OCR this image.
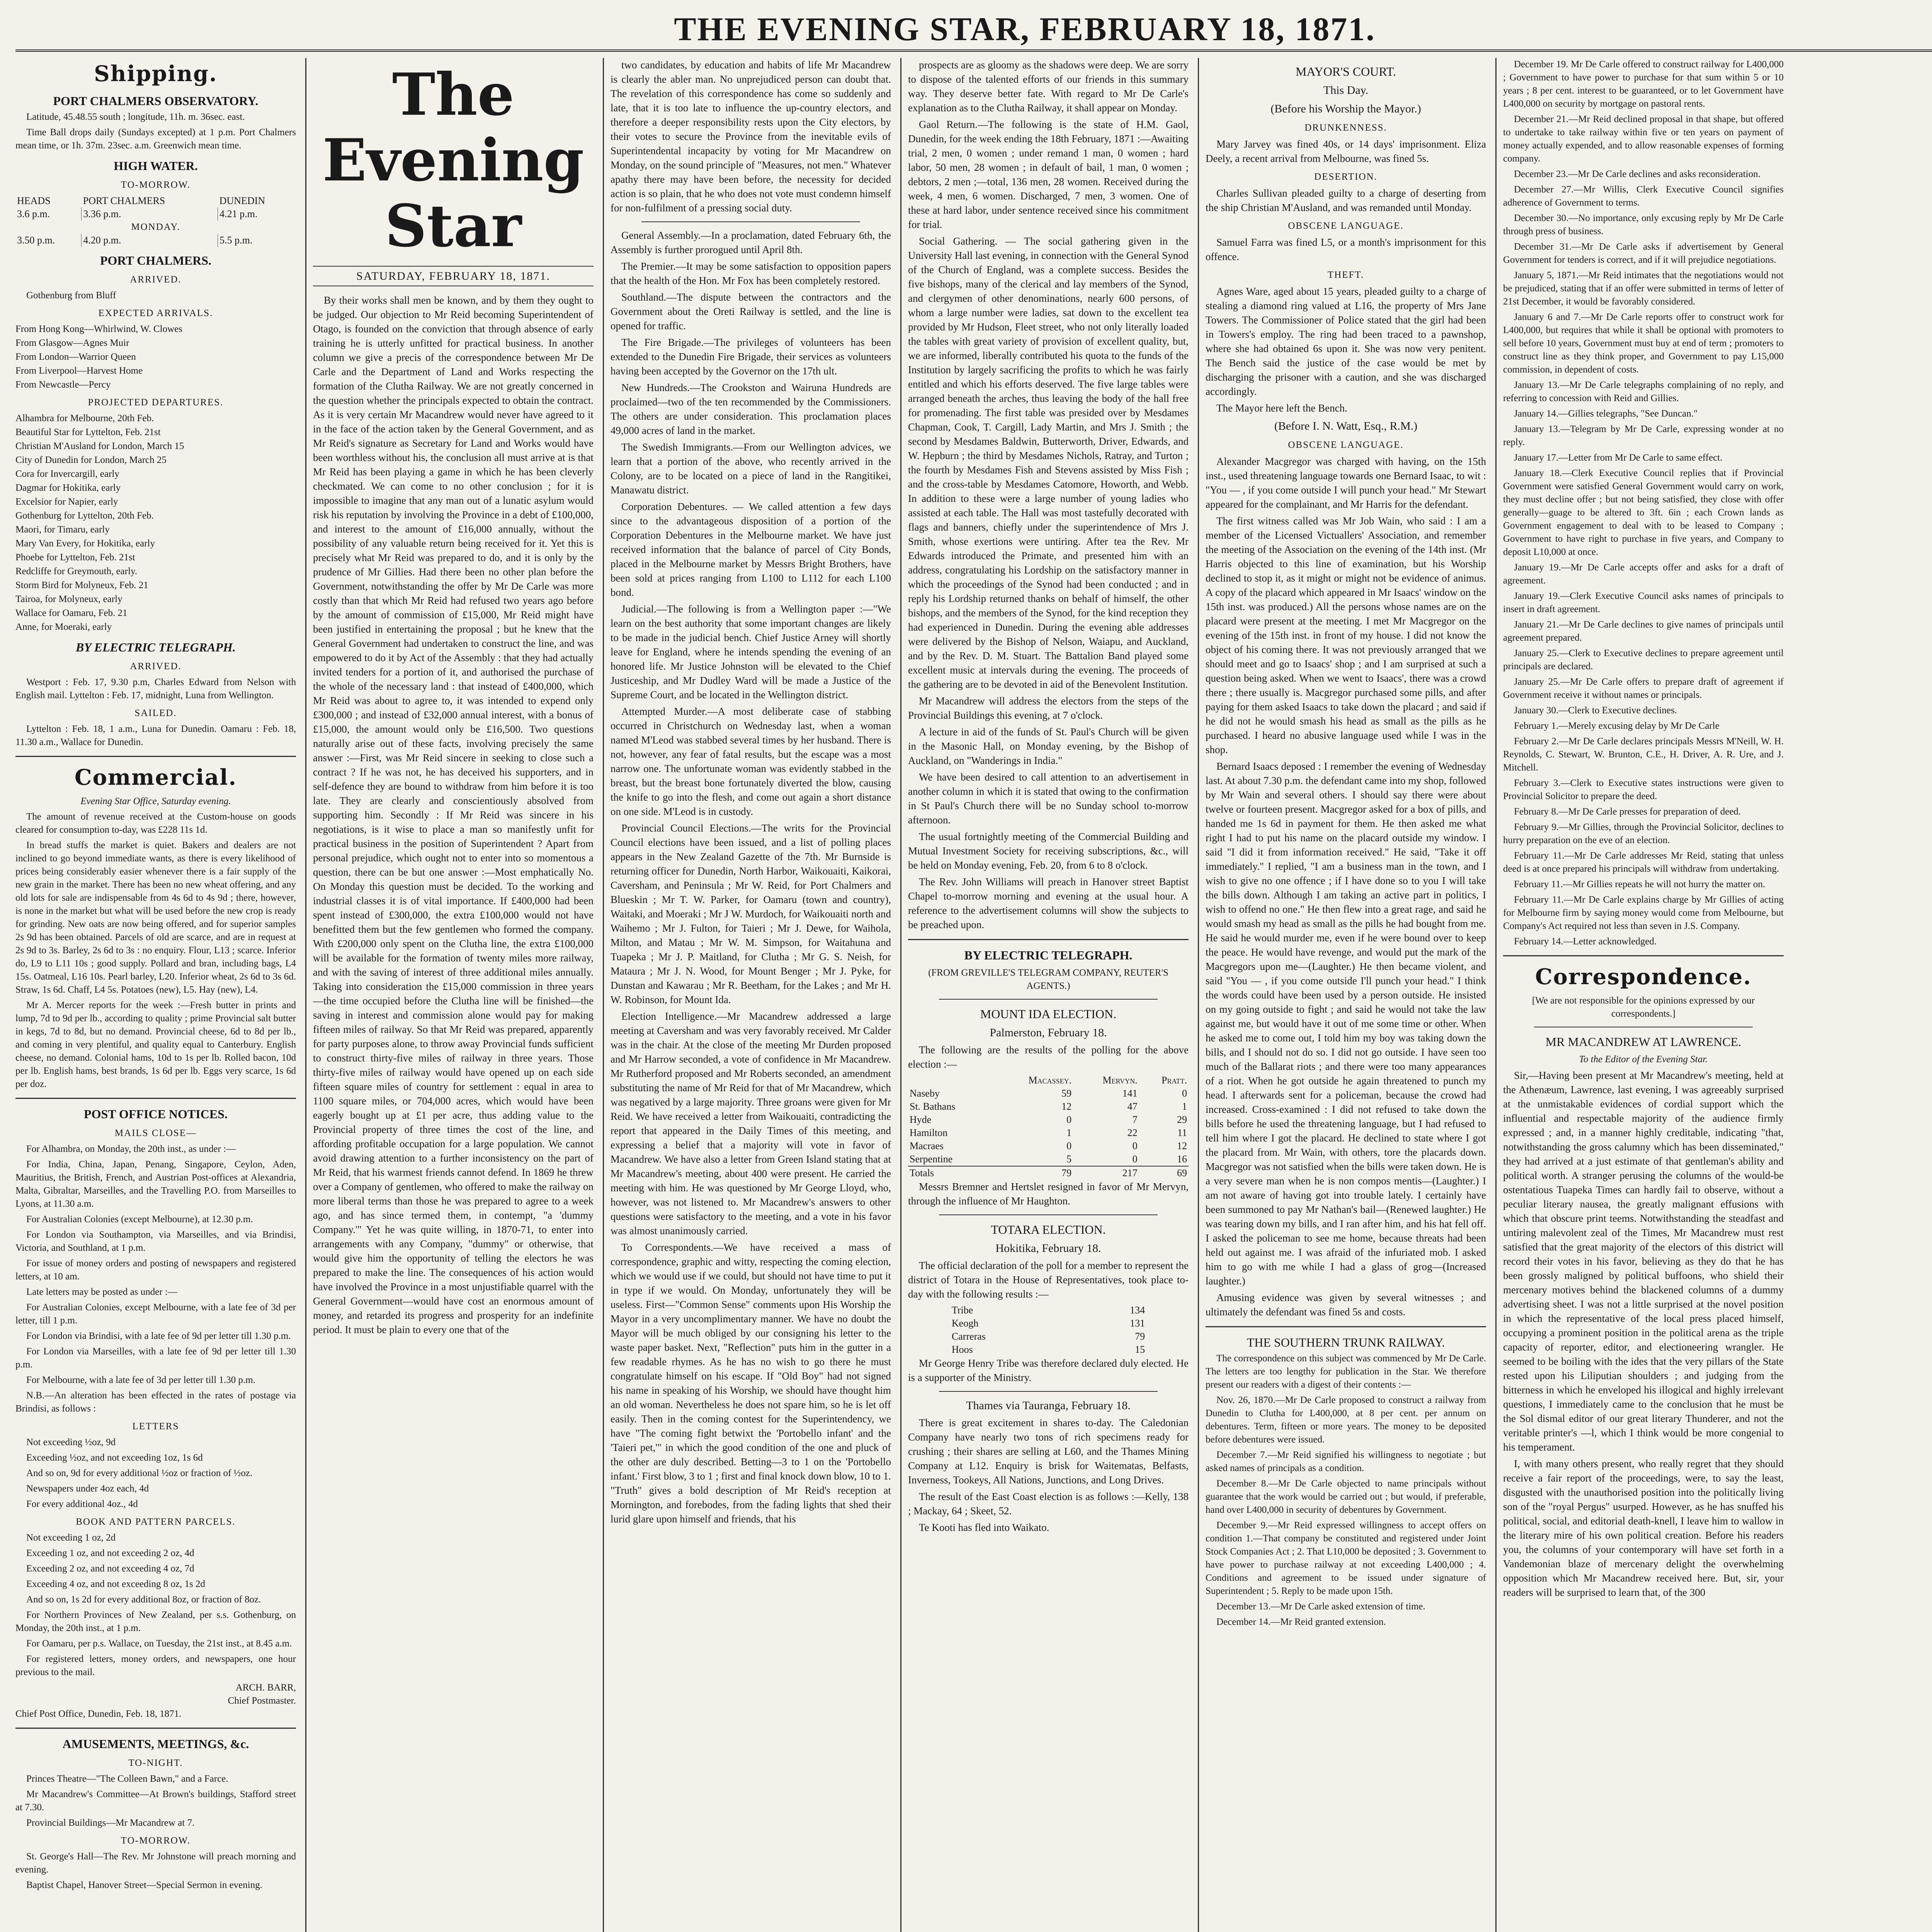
THE EVENING STAR, FEBRUARY 18, 1871.
Shipping.
PORT CHALMERS OBSERVATORY.
Latitude, 45.48.55 south ; longitude, 11h. m. 36sec. east.
Time Ball drops daily (Sundays excepted) at 1 p.m. Port Chalmers mean time, or 1h. 37m. 23sec. a.m. Greenwich mean time.
HIGH WATER.
TO-MORROW.
HEADS	PORT CHALMERS	DUNEDIN
3.6 p.m.	3.36 p.m.	4.21 p.m.
MONDAY.		
3.50 p.m.	4.20 p.m.	5.5 p.m.
PORT CHALMERS.
ARRIVED.
Gothenburg from Bluff
EXPECTED ARRIVALS.
From Hong Kong—Whirlwind, W. Clowes
From Glasgow—Agnes Muir
From London—Warrior Queen
From Liverpool—Harvest Home
From Newcastle—Percy
PROJECTED DEPARTURES.
Alhambra for Melbourne, 20th Feb.
Beautiful Star for Lyttelton, Feb. 21st
Christian M'Ausland for London, March 15
City of Dunedin for London, March 25
Cora for Invercargill, early
Dagmar for Hokitika, early
Excelsior for Napier, early
Gothenburg for Lyttelton, 20th Feb.
Maori, for Timaru, early
Mary Van Every, for Hokitika, early
Phoebe for Lyttelton, Feb. 21st
Redcliffe for Greymouth, early.
Storm Bird for Molyneux, Feb. 21
Tairoa, for Molyneux, early
Wallace for Oamaru, Feb. 21
Anne, for Moeraki, early
BY ELECTRIC TELEGRAPH.
ARRIVED.
Westport : Feb. 17, 9.30 p.m, Charles Edward from Nelson with English mail. Lyttelton : Feb. 17, midnight, Luna from Wellington.
SAILED.
Lyttelton : Feb. 18, 1 a.m., Luna for Dunedin. Oamaru : Feb. 18, 11.30 a.m., Wallace for Dunedin.
Commercial.
Evening Star Office, Saturday evening.
The amount of revenue received at the Custom-house on goods cleared for consumption to-day, was £228 11s 1d.
In bread stuffs the market is quiet. Bakers and dealers are not inclined to go beyond immediate wants, as there is every likelihood of prices being considerably easier whenever there is a fair supply of the new grain in the market. There has been no new wheat offering, and any old lots for sale are indispensable from 4s 6d to 4s 9d ; there, however, is none in the market but what will be used before the new crop is ready for grinding. New oats are now being offered, and for superior samples 2s 9d has been obtained. Parcels of old are scarce, and are in request at 2s 9d to 3s. Barley, 2s 6d to 3s : no enquiry. Flour, L13 ; scarce. Inferior do, L9 to L11 10s ; good supply. Pollard and bran, including bags, L4 15s. Oatmeal, L16 10s. Pearl barley, L20. Inferior wheat, 2s 6d to 3s 6d. Straw, 1s 6d. Chaff, L4 5s. Potatoes (new), L5. Hay (new), L4.
Mr A. Mercer reports for the week :—Fresh butter in prints and lump, 7d to 9d per lb., according to quality ; prime Provincial salt butter in kegs, 7d to 8d, but no demand. Provincial cheese, 6d to 8d per lb., and coming in very plentiful, and quality equal to Canterbury. English cheese, no demand. Colonial hams, 10d to 1s per lb. Rolled bacon, 10d per lb. English hams, best brands, 1s 6d per lb. Eggs very scarce, 1s 6d per doz.
POST OFFICE NOTICES.
MAILS CLOSE—
For Alhambra, on Monday, the 20th inst., as under :—
For India, China, Japan, Penang, Singapore, Ceylon, Aden, Mauritius, the British, French, and Austrian Post-offices at Alexandria, Malta, Gibraltar, Marseilles, and the Travelling P.O. from Marseilles to Lyons, at 11.30 a.m.
For Australian Colonies (except Melbourne), at 12.30 p.m.
For London via Southampton, via Marseilles, and via Brindisi, Victoria, and Southland, at 1 p.m.
For issue of money orders and posting of newspapers and registered letters, at 10 am.
Late letters may be posted as under :—
For Australian Colonies, except Melbourne, with a late fee of 3d per letter, till 1 p.m.
For London via Brindisi, with a late fee of 9d per letter till 1.30 p.m.
For London via Marseilles, with a late fee of 9d per letter till 1.30 p.m.
For Melbourne, with a late fee of 3d per letter till 1.30 p.m.
N.B.—An alteration has been effected in the rates of postage via Brindisi, as follows :
LETTERS
Not exceeding ½oz, 9d
Exceeding ½oz, and not exceeding 1oz, 1s 6d
And so on, 9d for every additional ½oz or fraction of ½oz.
Newspapers under 4oz each, 4d
For every additional 4oz., 4d
BOOK AND PATTERN PARCELS.
Not exceeding 1 oz, 2d
Exceeding 1 oz, and not exceeding 2 oz, 4d
Exceeding 2 oz, and not exceeding 4 oz, 7d
Exceeding 4 oz, and not exceeding 8 oz, 1s 2d
And so on, 1s 2d for every additional 8oz, or fraction of 8oz.
For Northern Provinces of New Zealand, per s.s. Gothenburg, on Monday, the 20th inst., at 1 p.m.
For Oamaru, per p.s. Wallace, on Tuesday, the 21st inst., at 8.45 a.m.
For registered letters, money orders, and newspapers, one hour previous to the mail.
ARCH. BARR,
Chief Postmaster.
Chief Post Office, Dunedin, Feb. 18, 1871.
AMUSEMENTS, MEETINGS, &c.
TO-NIGHT.
Princes Theatre—"The Colleen Bawn," and a Farce.
Mr Macandrew's Committee—At Brown's buildings, Stafford street at 7.30.
Provincial Buildings—Mr Macandrew at 7.
TO-MORROW.
St. George's Hall—The Rev. Mr Johnstone will preach morning and evening.
Baptist Chapel, Hanover Street—Special Sermon in evening.
The Evening Star
SATURDAY, FEBRUARY 18, 1871.
By their works shall men be known, and by them they ought to be judged. Our objection to Mr Reid becoming Superintendent of Otago, is founded on the conviction that through absence of early training he is utterly unfitted for practical business. In another column we give a precis of the correspondence between Mr De Carle and the Department of Land and Works respecting the formation of the Clutha Railway. We are not greatly concerned in the question whether the principals expected to obtain the contract. As it is very certain Mr Macandrew would never have agreed to it in the face of the action taken by the General Government, and as Mr Reid's signature as Secretary for Land and Works would have been worthless without his, the conclusion all must arrive at is that Mr Reid has been playing a game in which he has been cleverly checkmated. We can come to no other conclusion ; for it is impossible to imagine that any man out of a lunatic asylum would risk his reputation by involving the Province in a debt of £100,000, and interest to the amount of £16,000 annually, without the possibility of any valuable return being received for it. Yet this is precisely what Mr Reid was prepared to do, and it is only by the prudence of Mr Gillies. Had there been no other plan before the Government, notwithstanding the offer by Mr De Carle was more costly than that which Mr Reid had refused two years ago before by the amount of commission of £15,000, Mr Reid might have been justified in entertaining the proposal ; but he knew that the General Government had undertaken to construct the line, and was empowered to do it by Act of the Assembly : that they had actually invited tenders for a portion of it, and authorised the purchase of the whole of the necessary land : that instead of £400,000, which Mr Reid was about to agree to, it was intended to expend only £300,000 ; and instead of £32,000 annual interest, with a bonus of £15,000, the amount would only be £16,500. Two questions naturally arise out of these facts, involving precisely the same answer :—First, was Mr Reid sincere in seeking to close such a contract ? If he was not, he has deceived his supporters, and in self-defence they are bound to withdraw from him before it is too late. They are clearly and conscientiously absolved from supporting him. Secondly : If Mr Reid was sincere in his negotiations, is it wise to place a man so manifestly unfit for practical business in the position of Superintendent ? Apart from personal prejudice, which ought not to enter into so momentous a question, there can be but one answer :—Most emphatically No. On Monday this question must be decided. To the working and industrial classes it is of vital importance. If £400,000 had been spent instead of £300,000, the extra £100,000 would not have benefitted them but the few gentlemen who formed the company. With £200,000 only spent on the Clutha line, the extra £100,000 will be available for the formation of twenty miles more railway, and with the saving of interest of three additional miles annually. Taking into consideration the £15,000 commission in three years—the time occupied before the Clutha line will be finished—the saving in interest and commission alone would pay for making fifteen miles of railway. So that Mr Reid was prepared, apparently for party purposes alone, to throw away Provincial funds sufficient to construct thirty-five miles of railway in three years. Those thirty-five miles of railway would have opened up on each side fifteen square miles of country for settlement : equal in area to 1100 square miles, or 704,000 acres, which would have been eagerly bought up at £1 per acre, thus adding value to the Provincial property of three times the cost of the line, and affording profitable occupation for a large population. We cannot avoid drawing attention to a further inconsistency on the part of Mr Reid, that his warmest friends cannot defend. In 1869 he threw over a Company of gentlemen, who offered to make the railway on more liberal terms than those he was prepared to agree to a week ago, and has since termed them, in contempt, "a 'dummy Company.'" Yet he was quite willing, in 1870-71, to enter into arrangements with any Company, "dummy" or otherwise, that would give him the opportunity of telling the electors he was prepared to make the line. The consequences of his action would have involved the Province in a most unjustifiable quarrel with the General Government—would have cost an enormous amount of money, and retarded its progress and prosperity for an indefinite period. It must be plain to every one that of the
two candidates, by education and habits of life Mr Macandrew is clearly the abler man. No unprejudiced person can doubt that. The revelation of this correspondence has come so suddenly and late, that it is too late to influence the up-country electors, and therefore a deeper responsibility rests upon the City electors, by their votes to secure the Province from the inevitable evils of Superintendental incapacity by voting for Mr Macandrew on Monday, on the sound principle of "Measures, not men." Whatever apathy there may have been before, the necessity for decided action is so plain, that he who does not vote must condemn himself for non-fulfilment of a pressing social duty.
General Assembly.—In a proclamation, dated February 6th, the Assembly is further prorogued until April 8th.
The Premier.—It may be some satisfaction to opposition papers that the health of the Hon. Mr Fox has been completely restored.
Southland.—The dispute between the contractors and the Government about the Oreti Railway is settled, and the line is opened for traffic.
The Fire Brigade.—The privileges of volunteers has been extended to the Dunedin Fire Brigade, their services as volunteers having been accepted by the Governor on the 17th ult.
New Hundreds.—The Crookston and Wairuna Hundreds are proclaimed—two of the ten recommended by the Commissioners. The others are under consideration. This proclamation places 49,000 acres of land in the market.
The Swedish Immigrants.—From our Wellington advices, we learn that a portion of the above, who recently arrived in the Colony, are to be located on a piece of land in the Rangitikei, Manawatu district.
Corporation Debentures. — We called attention a few days since to the advantageous disposition of a portion of the Corporation Debentures in the Melbourne market. We have just received information that the balance of parcel of City Bonds, placed in the Melbourne market by Messrs Bright Brothers, have been sold at prices ranging from L100 to L112 for each L100 bond.
Judicial.—The following is from a Wellington paper :—"We learn on the best authority that some important changes are likely to be made in the judicial bench. Chief Justice Arney will shortly leave for England, where he intends spending the evening of an honored life. Mr Justice Johnston will be elevated to the Chief Justiceship, and Mr Dudley Ward will be made a Justice of the Supreme Court, and be located in the Wellington district.
Attempted Murder.—A most deliberate case of stabbing occurred in Christchurch on Wednesday last, when a woman named M'Leod was stabbed several times by her husband. There is not, however, any fear of fatal results, but the escape was a most narrow one. The unfortunate woman was evidently stabbed in the breast, but the breast bone fortunately diverted the blow, causing the knife to go into the flesh, and come out again a short distance on one side. M'Leod is in custody.
Provincial Council Elections.—The writs for the Provincial Council elections have been issued, and a list of polling places appears in the New Zealand Gazette of the 7th. Mr Burnside is returning officer for Dunedin, North Harbor, Waikouaiti, Kaikorai, Caversham, and Peninsula ; Mr W. Reid, for Port Chalmers and Blueskin ; Mr T. W. Parker, for Oamaru (town and country), Waitaki, and Moeraki ; Mr J W. Murdoch, for Waikouaiti north and Waihemo ; Mr J. Fulton, for Taieri ; Mr J. Dewe, for Waihola, Milton, and Matau ; Mr W. M. Simpson, for Waitahuna and Tuapeka ; Mr J. P. Maitland, for Clutha ; Mr G. S. Neish, for Mataura ; Mr J. N. Wood, for Mount Benger ; Mr J. Pyke, for Dunstan and Kawarau ; Mr R. Beetham, for the Lakes ; and Mr H. W. Robinson, for Mount Ida.
Election Intelligence.—Mr Macandrew addressed a large meeting at Caversham and was very favorably received. Mr Calder was in the chair. At the close of the meeting Mr Durden proposed and Mr Harrow seconded, a vote of confidence in Mr Macandrew. Mr Rutherford proposed and Mr Roberts seconded, an amendment substituting the name of Mr Reid for that of Mr Macandrew, which was negatived by a large majority. Three groans were given for Mr Reid. We have received a letter from Waikouaiti, contradicting the report that appeared in the Daily Times of this meeting, and expressing a belief that a majority will vote in favor of Macandrew. We have also a letter from Green Island stating that at Mr Macandrew's meeting, about 400 were present. He carried the meeting with him. He was questioned by Mr George Lloyd, who, however, was not listened to. Mr Macandrew's answers to other questions were satisfactory to the meeting, and a vote in his favor was almost unanimously carried.
To Correspondents.—We have received a mass of correspondence, graphic and witty, respecting the coming election, which we would use if we could, but should not have time to put it in type if we would. On Monday, unfortunately they will be useless. First—"Common Sense" comments upon His Worship the Mayor in a very uncomplimentary manner. We have no doubt the Mayor will be much obliged by our consigning his letter to the waste paper basket. Next, "Reflection" puts him in the gutter in a few readable rhymes. As he has no wish to go there he must congratulate himself on his escape. If "Old Boy" had not signed his name in speaking of his Worship, we should have thought him an old woman. Nevertheless he does not spare him, so he is let off easily. Then in the coming contest for the Superintendency, we have "The coming fight betwixt the 'Portobello infant' and the 'Taieri pet,'" in which the good condition of the one and pluck of the other are duly described. Betting—3 to 1 on the 'Portobello infant.' First blow, 3 to 1 ; first and final knock down blow, 10 to 1. "Truth" gives a bold description of Mr Reid's reception at Mornington, and forebodes, from the fading lights that shed their lurid glare upon himself and friends, that his
prospects are as gloomy as the shadows were deep. We are sorry to dispose of the talented efforts of our friends in this summary way. They deserve better fate. With regard to Mr De Carle's explanation as to the Clutha Railway, it shall appear on Monday.
Gaol Return.—The following is the state of H.M. Gaol, Dunedin, for the week ending the 18th February, 1871 :—Awaiting trial, 2 men, 0 women ; under remand 1 man, 0 women ; hard labor, 50 men, 28 women ; in default of bail, 1 man, 0 women ; debtors, 2 men ;—total, 136 men, 28 women. Received during the week, 4 men, 6 women. Discharged, 7 men, 3 women. One of these at hard labor, under sentence received since his commitment for trial.
Social Gathering. — The social gathering given in the University Hall last evening, in connection with the General Synod of the Church of England, was a complete success. Besides the five bishops, many of the clerical and lay members of the Synod, and clergymen of other denominations, nearly 600 persons, of whom a large number were ladies, sat down to the excellent tea provided by Mr Hudson, Fleet street, who not only literally loaded the tables with great variety of provision of excellent quality, but, we are informed, liberally contributed his quota to the funds of the Institution by largely sacrificing the profits to which he was fairly entitled and which his efforts deserved. The five large tables were arranged beneath the arches, thus leaving the body of the hall free for promenading. The first table was presided over by Mesdames Chapman, Cook, T. Cargill, Lady Martin, and Mrs J. Smith ; the second by Mesdames Baldwin, Butterworth, Driver, Edwards, and W. Hepburn ; the third by Mesdames Nichols, Ratray, and Turton ; the fourth by Mesdames Fish and Stevens assisted by Miss Fish ; and the cross-table by Mesdames Catomore, Howorth, and Webb. In addition to these were a large number of young ladies who assisted at each table. The Hall was most tastefully decorated with flags and banners, chiefly under the superintendence of Mrs J. Smith, whose exertions were untiring. After tea the Rev. Mr Edwards introduced the Primate, and presented him with an address, congratulating his Lordship on the satisfactory manner in which the proceedings of the Synod had been conducted ; and in reply his Lordship returned thanks on behalf of himself, the other bishops, and the members of the Synod, for the kind reception they had experienced in Dunedin. During the evening able addresses were delivered by the Bishop of Nelson, Waiapu, and Auckland, and by the Rev. D. M. Stuart. The Battalion Band played some excellent music at intervals during the evening. The proceeds of the gathering are to be devoted in aid of the Benevolent Institution.
Mr Macandrew will address the electors from the steps of the Provincial Buildings this evening, at 7 o'clock.
A lecture in aid of the funds of St. Paul's Church will be given in the Masonic Hall, on Monday evening, by the Bishop of Auckland, on "Wanderings in India."
We have been desired to call attention to an advertisement in another column in which it is stated that owing to the confirmation in St Paul's Church there will be no Sunday school to-morrow afternoon.
The usual fortnightly meeting of the Commercial Building and Mutual Investment Society for receiving subscriptions, &c., will be held on Monday evening, Feb. 20, from 6 to 8 o'clock.
The Rev. John Williams will preach in Hanover street Baptist Chapel to-morrow morning and evening at the usual hour. A reference to the advertisement columns will show the subjects to be preached upon.
BY ELECTRIC TELEGRAPH.
(FROM GREVILLE'S TELEGRAM COMPANY, REUTER'S AGENTS.)
MOUNT IDA ELECTION.
Palmerston, February 18.
The following are the results of the polling for the above election :—
	Macassey.	Mervyn.	Pratt.
Naseby	59	141	0
St. Bathans	12	47	1
Hyde	0	7	29
Hamilton	1	22	11
Macraes	0	0	12
Serpentine	5	0	16
Totals	79	217	69
Messrs Bremner and Hertslet resigned in favor of Mr Mervyn, through the influence of Mr Haughton.
TOTARA ELECTION.
Hokitika, February 18.
The official declaration of the poll for a member to represent the district of Totara in the House of Representatives, took place to-day with the following results :—
Tribe	134
Keogh	131
Carreras	79
Hoos	15
Mr George Henry Tribe was therefore declared duly elected. He is a supporter of the Ministry.
Thames via Tauranga, February 18.
There is great excitement in shares to-day. The Caledonian Company have nearly two tons of rich specimens ready for crushing ; their shares are selling at L60, and the Thames Mining Company at L12. Enquiry is brisk for Waitematas, Belfasts, Inverness, Tookeys, All Nations, Junctions, and Long Drives.
The result of the East Coast election is as follows :—Kelly, 138 ; Mackay, 64 ; Skeet, 52.
Te Kooti has fled into Waikato.
MAYOR'S COURT.
This Day.
(Before his Worship the Mayor.)
DRUNKENNESS.
Mary Jarvey was fined 40s, or 14 days' imprisonment. Eliza Deely, a recent arrival from Melbourne, was fined 5s.
DESERTION.
Charles Sullivan pleaded guilty to a charge of deserting from the ship Christian M'Ausland, and was remanded until Monday.
OBSCENE LANGUAGE.
Samuel Farra was fined L5, or a month's imprisonment for this offence.
THEFT.
Agnes Ware, aged about 15 years, pleaded guilty to a charge of stealing a diamond ring valued at L16, the property of Mrs Jane Towers. The Commissioner of Police stated that the girl had been in Towers's employ. The ring had been traced to a pawnshop, where she had obtained 6s upon it. She was now very penitent. The Bench said the justice of the case would be met by discharging the prisoner with a caution, and she was discharged accordingly.
The Mayor here left the Bench.
(Before I. N. Watt, Esq., R.M.)
OBSCENE LANGUAGE.
Alexander Macgregor was charged with having, on the 15th inst., used threatening language towards one Bernard Isaac, to wit : "You — , if you come outside I will punch your head." Mr Stewart appeared for the complainant, and Mr Harris for the defendant.
The first witness called was Mr Job Wain, who said : I am a member of the Licensed Victuallers' Association, and remember the meeting of the Association on the evening of the 14th inst. (Mr Harris objected to this line of examination, but his Worship declined to stop it, as it might or might not be evidence of animus. A copy of the placard which appeared in Mr Isaacs' window on the 15th inst. was produced.) All the persons whose names are on the placard were present at the meeting. I met Mr Macgregor on the evening of the 15th inst. in front of my house. I did not know the object of his coming there. It was not previously arranged that we should meet and go to Isaacs' shop ; and I am surprised at such a question being asked. When we went to Isaacs', there was a crowd there ; there usually is. Macgregor purchased some pills, and after paying for them asked Isaacs to take down the placard ; and said if he did not he would smash his head as small as the pills as he purchased. I heard no abusive language used while I was in the shop.
Bernard Isaacs deposed : I remember the evening of Wednesday last. At about 7.30 p.m. the defendant came into my shop, followed by Mr Wain and several others. I should say there were about twelve or fourteen present. Macgregor asked for a box of pills, and handed me 1s 6d in payment for them. He then asked me what right I had to put his name on the placard outside my window. I said "I did it from information received." He said, "Take it off immediately." I replied, "I am a business man in the town, and I wish to give no one offence ; if I have done so to you I will take the bills down. Although I am taking an active part in politics, I wish to offend no one." He then flew into a great rage, and said he would smash my head as small as the pills he had bought from me. He said he would murder me, even if he were bound over to keep the peace. He would have revenge, and would put the mark of the Macgregors upon me—(Laughter.) He then became violent, and said "You — , if you come outside I'll punch your head." I think the words could have been used by a person outside. He insisted on my going outside to fight ; and said he would not take the law against me, but would have it out of me some time or other. When he asked me to come out, I told him my boy was taking down the bills, and I should not do so. I did not go outside. I have seen too much of the Ballarat riots ; and there were too many appearances of a riot. When he got outside he again threatened to punch my head. I afterwards sent for a policeman, because the crowd had increased. Cross-examined : I did not refused to take down the bills before he used the threatening language, but I had refused to tell him where I got the placard. He declined to state where I got the placard from. Mr Wain, with others, tore the placards down. Macgregor was not satisfied when the bills were taken down. He is a very severe man when he is non compos mentis—(Laughter.) I am not aware of having got into trouble lately. I certainly have been summoned to pay Mr Nathan's bail—(Renewed laughter.) He was tearing down my bills, and I ran after him, and his hat fell off. I asked the policeman to see me home, because threats had been held out against me. I was afraid of the infuriated mob. I asked him to go with me while I had a glass of grog—(Increased laughter.)
Amusing evidence was given by several witnesses ; and ultimately the defendant was fined 5s and costs.
THE SOUTHERN TRUNK RAILWAY.
The correspondence on this subject was commenced by Mr De Carle. The letters are too lengthy for publication in the Star. We therefore present our readers with a digest of their contents :—
Nov. 26, 1870.—Mr De Carle proposed to construct a railway from Dunedin to Clutha for L400,000, at 8 per cent. per annum on debentures. Term, fifteen or more years. The money to be deposited before debentures were issued.
December 7.—Mr Reid signified his willingness to negotiate ; but asked names of principals as a condition.
December 8.—Mr De Carle objected to name principals without guarantee that the work would be carried out ; but would, if preferable, hand over L400,000 in security of debentures by Government.
December 9.—Mr Reid expressed willingness to accept offers on condition 1.—That company be constituted and registered under Joint Stock Companies Act ; 2. That L10,000 be deposited ; 3. Government to have power to purchase railway at not exceeding L400,000 ; 4. Conditions and agreement to be issued under signature of Superintendent ; 5. Reply to be made upon 15th.
December 13.—Mr De Carle asked extension of time.
December 14.—Mr Reid granted extension.
December 19. Mr De Carle offered to construct railway for L400,000 ; Government to have power to purchase for that sum within 5 or 10 years ; 8 per cent. interest to be guaranteed, or to let Government have L400,000 on security by mortgage on pastoral rents.
December 21.—Mr Reid declined proposal in that shape, but offered to undertake to take railway within five or ten years on payment of money actually expended, and to allow reasonable expenses of forming company.
December 23.—Mr De Carle declines and asks reconsideration.
December 27.—Mr Willis, Clerk Executive Council signifies adherence of Government to terms.
December 30.—No importance, only excusing reply by Mr De Carle through press of business.
December 31.—Mr De Carle asks if advertisement by General Government for tenders is correct, and if it will prejudice negotiations.
January 5, 1871.—Mr Reid intimates that the negotiations would not be prejudiced, stating that if an offer were submitted in terms of letter of 21st December, it would be favorably considered.
January 6 and 7.—Mr De Carle reports offer to construct work for L400,000, but requires that while it shall be optional with promoters to sell before 10 years, Government must buy at end of term ; promoters to construct line as they think proper, and Government to pay L15,000 commission, in dependent of costs.
January 13.—Mr De Carle telegraphs complaining of no reply, and referring to concession with Reid and Gillies.
January 14.—Gillies telegraphs, "See Duncan."
January 13.—Telegram by Mr De Carle, expressing wonder at no reply.
January 17.—Letter from Mr De Carle to same effect.
January 18.—Clerk Executive Council replies that if Provincial Government were satisfied General Government would carry on work, they must decline offer ; but not being satisfied, they close with offer generally—guage to be altered to 3ft. 6in ; each Crown lands as Government engagement to deal with to be leased to Company ; Government to have right to purchase in five years, and Company to deposit L10,000 at once.
January 19.—Mr De Carle accepts offer and asks for a draft of agreement.
January 19.—Clerk Executive Council asks names of principals to insert in draft agreement.
January 21.—Mr De Carle declines to give names of principals until agreement prepared.
January 25.—Clerk to Executive declines to prepare agreement until principals are declared.
January 25.—Mr De Carle offers to prepare draft of agreement if Government receive it without names or principals.
January 30.—Clerk to Executive declines.
February 1.—Merely excusing delay by Mr De Carle
February 2.—Mr De Carle declares principals Messrs M'Neill, W. H. Reynolds, C. Stewart, W. Brunton, C.E., H. Driver, A. R. Ure, and J. Mitchell.
February 3.—Clerk to Executive states instructions were given to Provincial Solicitor to prepare the deed.
February 8.—Mr De Carle presses for preparation of deed.
February 9.—Mr Gillies, through the Provincial Solicitor, declines to hurry preparation on the eve of an election.
February 11.—Mr De Carle addresses Mr Reid, stating that unless deed is at once prepared his principals will withdraw from undertaking.
February 11.—Mr Gillies repeats he will not hurry the matter on.
February 11.—Mr De Carle explains charge by Mr Gillies of acting for Melbourne firm by saying money would come from Melbourne, but Company's Act required not less than seven in J.S. Company.
February 14.—Letter acknowledged.
Correspondence.
[We are not responsible for the opinions expressed by our correspondents.]
MR MACANDREW AT LAWRENCE.
To the Editor of the Evening Star.
Sir,—Having been present at Mr Macandrew's meeting, held at the Athenæum, Lawrence, last evening, I was agreeably surprised at the unmistakable evidences of cordial support which the influential and respectable majority of the audience firmly expressed ; and, in a manner highly creditable, indicating "that, notwithstanding the gross calumny which has been disseminated," they had arrived at a just estimate of that gentleman's ability and political worth. A stranger perusing the columns of the would-be ostentatious Tuapeka Times can hardly fail to observe, without a peculiar literary nausea, the greatly malignant effusions with which that obscure print teems. Notwithstanding the steadfast and untiring malevolent zeal of the Times, Mr Macandrew must rest satisfied that the great majority of the electors of this district will record their votes in his favor, believing as they do that he has been grossly maligned by political buffoons, who shield their mercenary motives behind the blackened columns of a dummy advertising sheet. I was not a little surprised at the novel position in which the representative of the local press placed himself, occupying a prominent position in the political arena as the triple capacity of reporter, editor, and electioneering wrangler. He seemed to be boiling with the ides that the very pillars of the State rested upon his Liliputian shoulders ; and judging from the bitterness in which he enveloped his illogical and highly irrelevant questions, I immediately came to the conclusion that he must be the Sol dismal editor of our great literary Thunderer, and not the veritable printer's —l, which I think would be more congenial to his temperament.
I, with many others present, who really regret that they should receive a fair report of the proceedings, were, to say the least, disgusted with the unauthorised position into the politically living son of the "royal Pergus" usurped. However, as he has snuffed his political, social, and editorial death-knell, I leave him to wallow in the literary mire of his own political creation. Before his readers you, the columns of your contemporary will have set forth in a Vandemonian blaze of mercenary delight the overwhelming opposition which Mr Macandrew received here. But, sir, your readers will be surprised to learn that, of the 300
